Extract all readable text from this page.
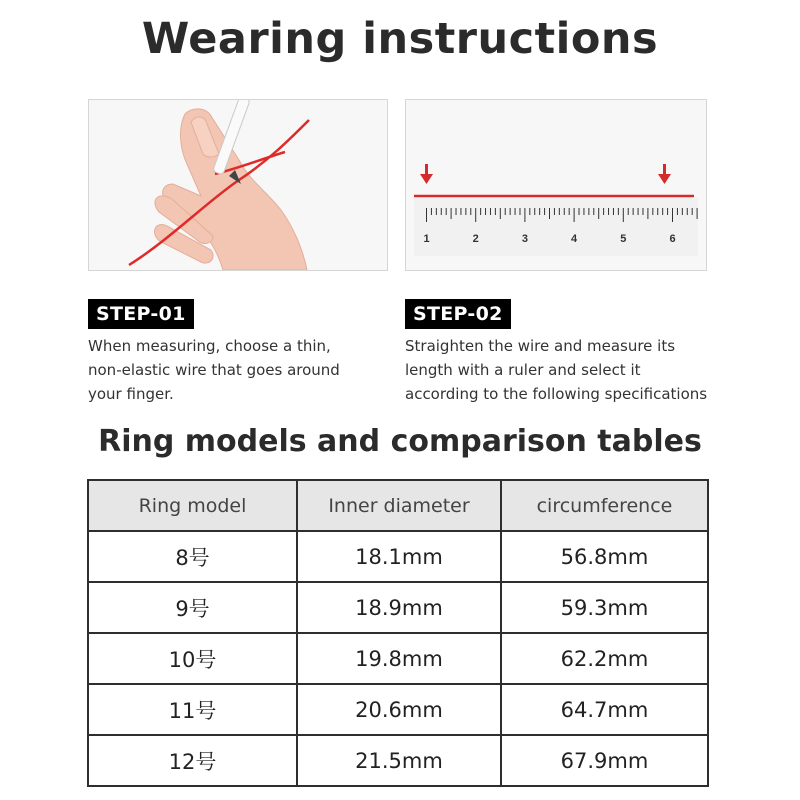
Wearing instructions
1	2	3	4	5	6
STEP-01
When measuring, choose a thin,
non-elastic wire that goes around
your finger.
STEP-02
Straighten the wire and measure its
length with a ruler and select it
according to the following specifications
Ring models and comparison tables
Ring model	Inner diameter	circumference
8号	18.1mm	56.8mm
9号	18.9mm	59.3mm
10号	19.8mm	62.2mm
11号	20.6mm	64.7mm
12号	21.5mm	67.9mm
